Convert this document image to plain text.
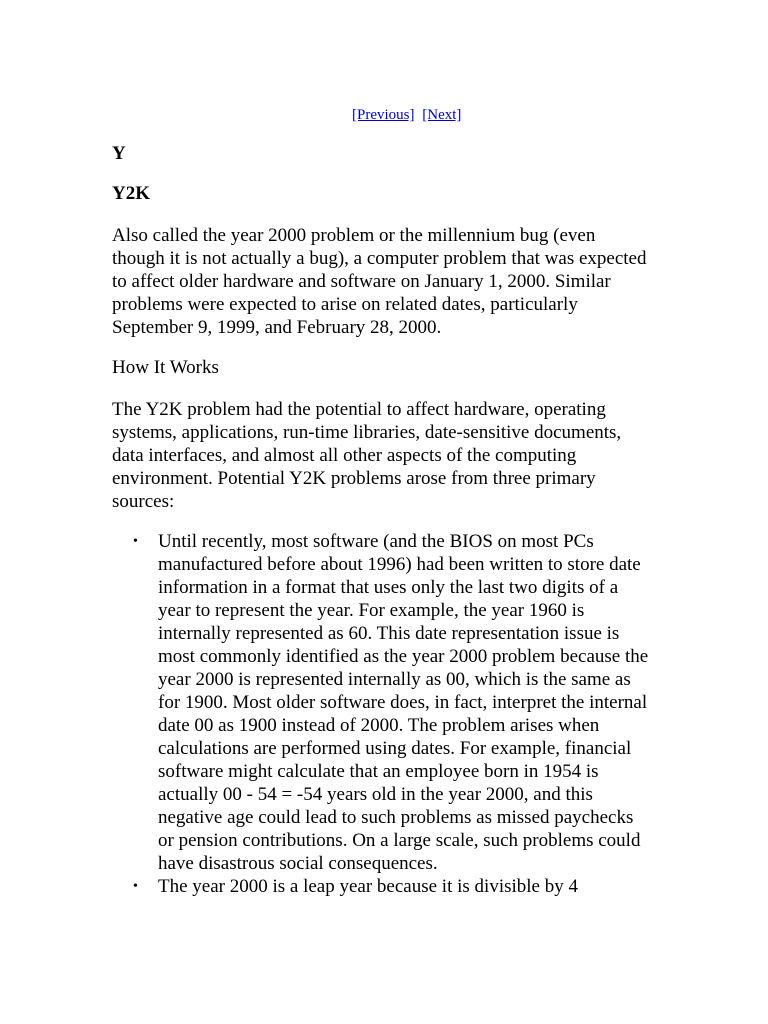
[Previous] [Next]
Y
Y2K

Also called the year 2000 problem or the millennium bug (even though it is not actually a bug), a computer problem that was expected to affect older hardware and software on January 1, 2000. Similar problems were expected to arise on related dates, particularly September 9, 1999, and February 28, 2000.

How It Works

The Y2K problem had the potential to affect hardware, operating systems, applications, run-time libraries, date-sensitive documents, data interfaces, and almost all other aspects of the computing environment. Potential Y2K problems arose from three primary sources:

• Until recently, most software (and the BIOS on most PCs manufactured before about 1996) had been written to store date information in a format that uses only the last two digits of a year to represent the year. For example, the year 1960 is internally represented as 60. This date representation issue is most commonly identified as the year 2000 problem because the year 2000 is represented internally as 00, which is the same as for 1900. Most older software does, in fact, interpret the internal date 00 as 1900 instead of 2000. The problem arises when calculations are performed using dates. For example, financial software might calculate that an employee born in 1954 is actually 00 - 54 = -54 years old in the year 2000, and this negative age could lead to such problems as missed paychecks or pension contributions. On a large scale, such problems could have disastrous social consequences.
• The year 2000 is a leap year because it is divisible by 4
